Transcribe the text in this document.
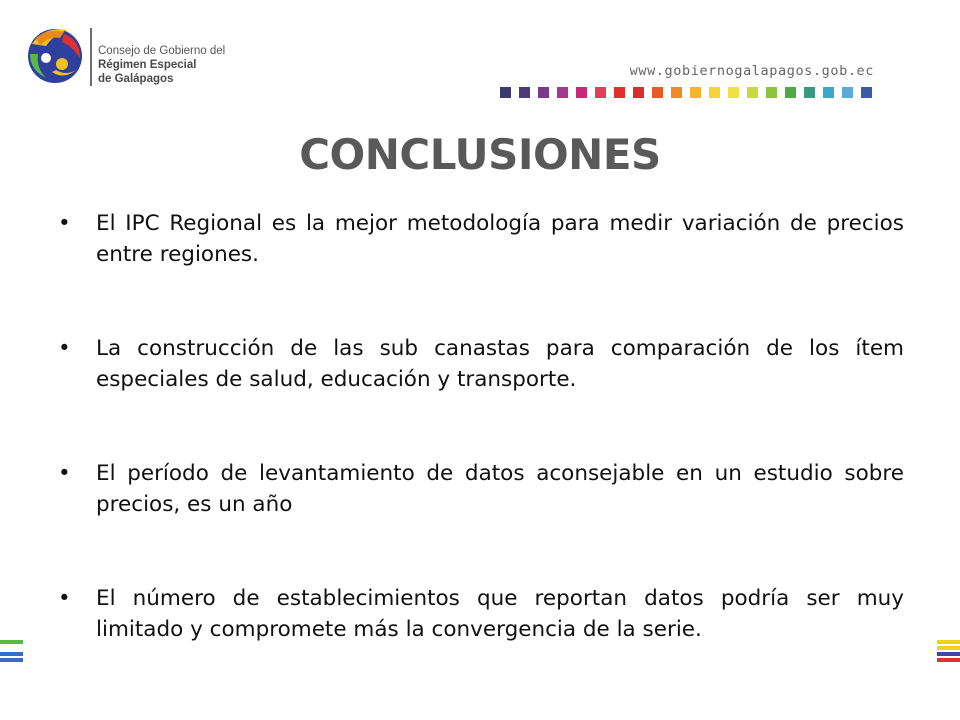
Consejo de Gobierno del
Régimen Especial
de Galápagos	www.gobiernogalapagos.gob.ec
CONCLUSIONES
• El IPC Regional es la mejor metodología para medir variación de precios entre regiones.
• La construcción de las sub canastas para comparación de los ítem especiales de salud, educación y transporte.
• El período de levantamiento de datos aconsejable en un estudio sobre precios, es un año
• El número de establecimientos que reportan datos podría ser muy limitado y compromete más la convergencia de la serie.
